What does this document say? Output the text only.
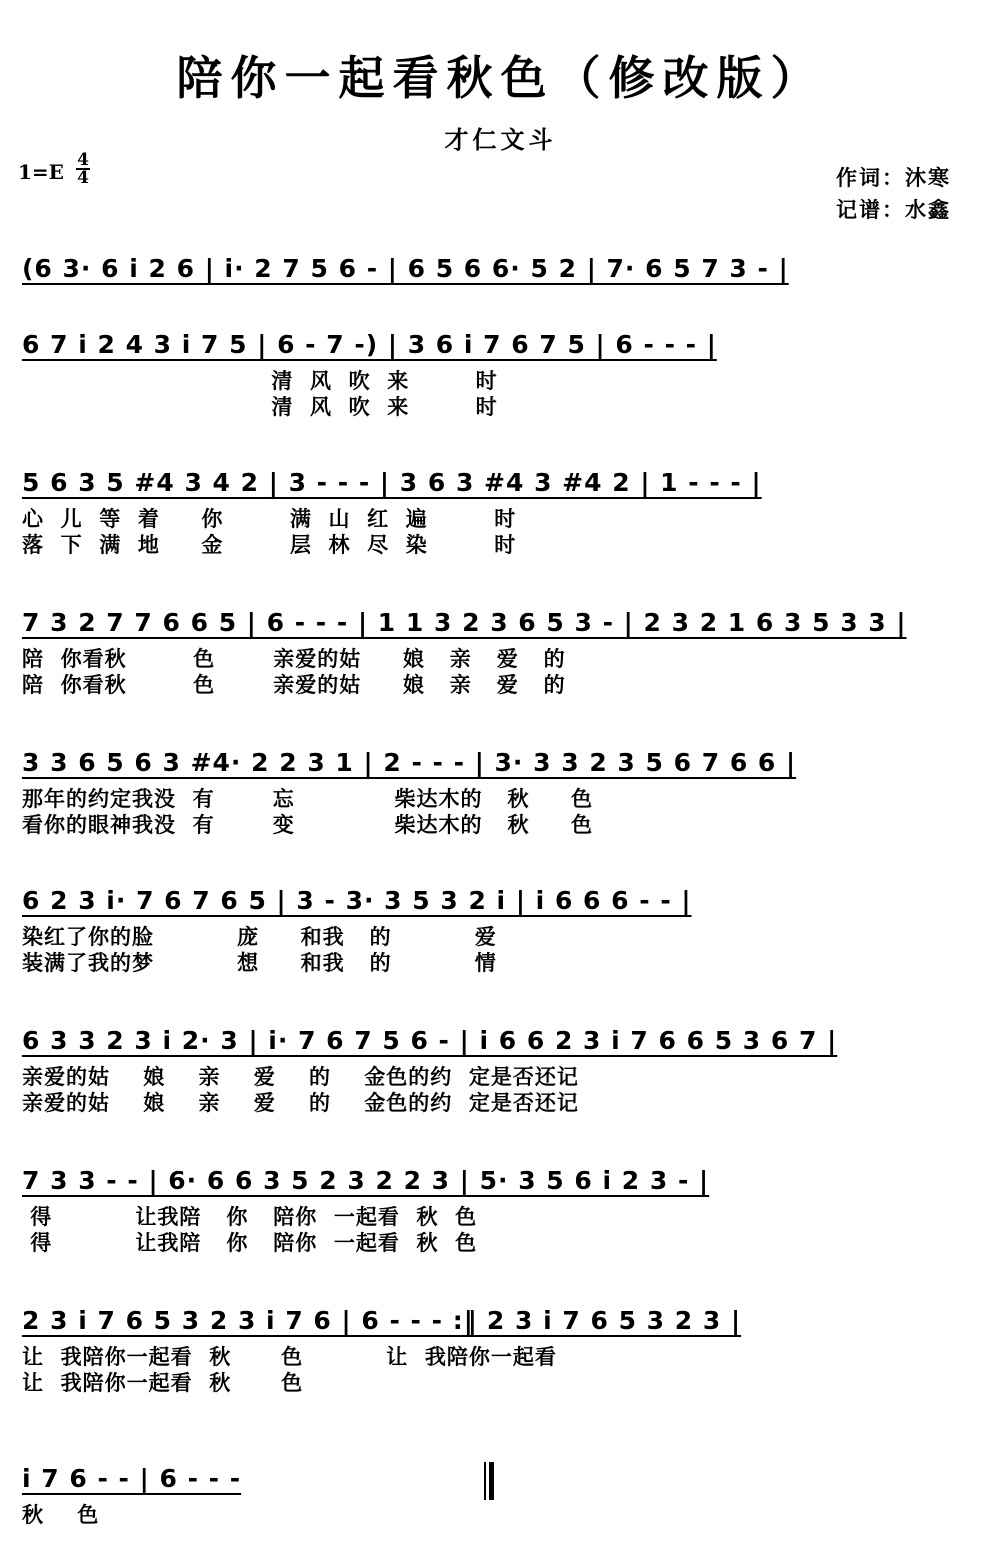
陪你一起看秋色（修改版）
才仁文斗
1=E 4
4	作词：沐寒
记谱：水鑫
(6 3· 6 i 2 6 | i· 2 7 5 6 - | 6 5 6 6· 5 2 | 7· 6 5 7 3 - |
6 7 i 2 4 3 i 7 5 | 6 - 7 -) | 3 6 i 7 6 7 5 | 6 - - - |
清  风  吹  来        时
清  风  吹  来        时
5 6 3 5 #4 3 4 2 | 3 - - - | 3 6 3 #4 3 #4 2 | 1 - - - |
心  儿  等  着     你        满  山  红  遍        时
落  下  满  地     金        层  林  尽  染        时
7 3 2 7 7 6 6 5 | 6 - - - | 1 1 3 2 3 6 5 3 - | 2 3 2 1 6 3 5 3 3 |
陪  你看秋        色       亲爱的姑     娘   亲   爱   的
陪  你看秋        色       亲爱的姑     娘   亲   爱   的
3 3 6 5 6 3 #4· 2 2 3 1 | 2 - - - | 3· 3 3 2 3 5 6 7 6 6 |
那年的约定我没  有       忘            柴达木的   秋     色
看你的眼神我没  有       变            柴达木的   秋     色
6 2 3 i· 7 6 7 6 5 | 3 - 3· 3 5 3 2 i | i 6 6 6 - - |
染红了你的脸          庞     和我   的          爱
装满了我的梦          想     和我   的          情
6 3 3 2 3 i 2· 3 | i· 7 6 7 5 6 - | i 6 6 2 3 i 7 6 6 5 3 6 7 |
亲爱的姑    娘    亲    爱    的    金色的约  定是否还记
亲爱的姑    娘    亲    爱    的    金色的约  定是否还记
7 3 3 - - | 6· 6 6 3 5 2 3 2 2 3 | 5· 3 5 6 i 2 3 - |
得          让我陪   你   陪你  一起看  秋  色
得          让我陪   你   陪你  一起看  秋  色
2 3 i 7 6 5 3 2 3 i 7 6 | 6 - - - :‖ 2 3 i 7 6 5 3 2 3 |
让  我陪你一起看  秋      色          让  我陪你一起看
让  我陪你一起看  秋      色
i 7 6 - - | 6 - - -
秋    色
